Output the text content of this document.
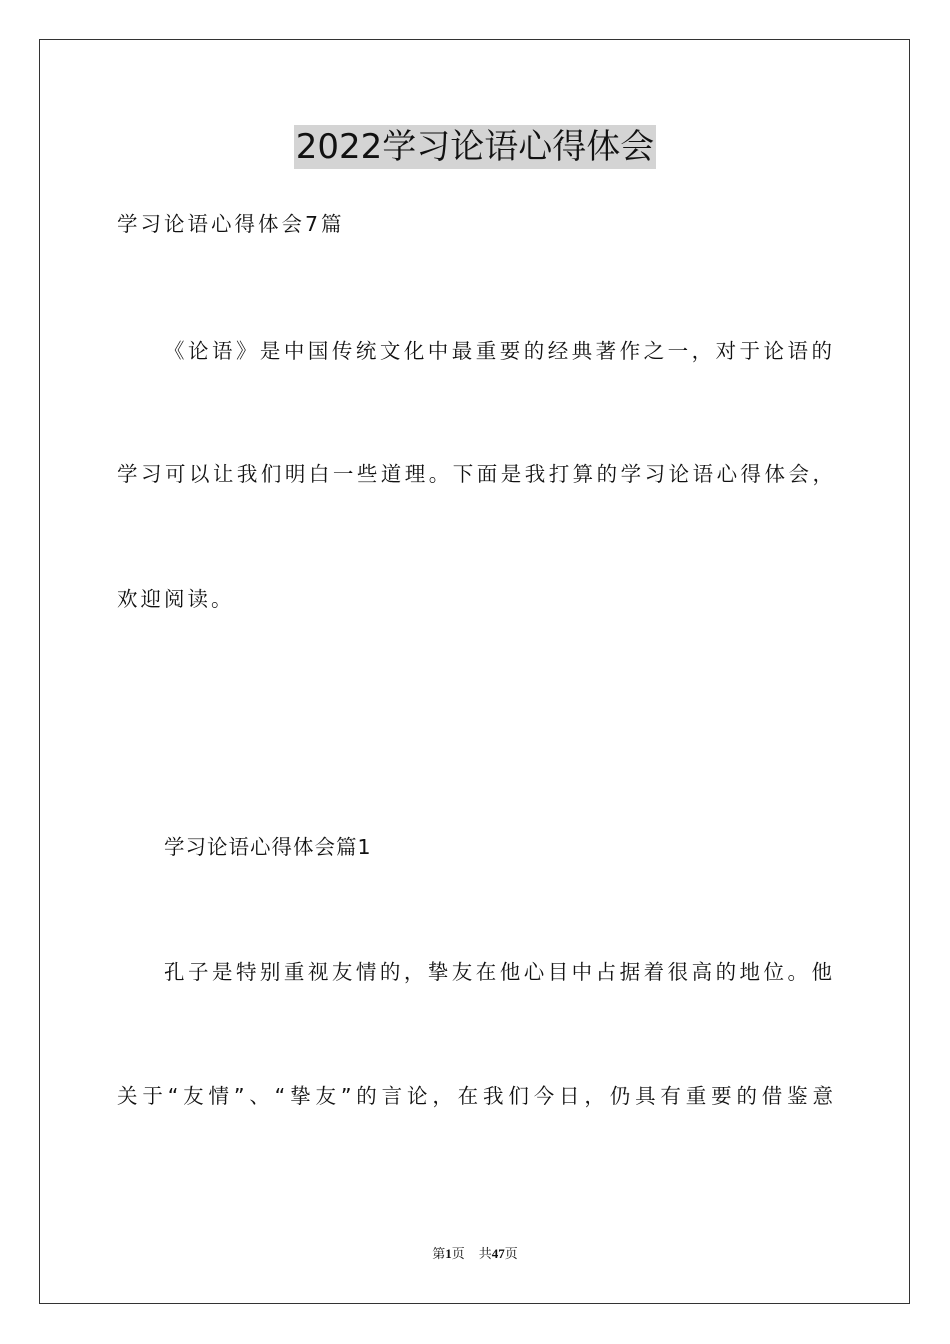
2022学习论语心得体会
学习论语心得体会7篇
《论语》是中国传统文化中最重要的经典著作之一，对于论语的
学习可以让我们明白一些道理。下面是我打算的学习论语心得体会，
欢迎阅读。
学习论语心得体会篇1
孔子是特别重视友情的，挚友在他心目中占据着很高的地位。他
关于“友情”、“挚友”的言论，在我们今日，仍具有重要的借鉴意
第1页 共47页
